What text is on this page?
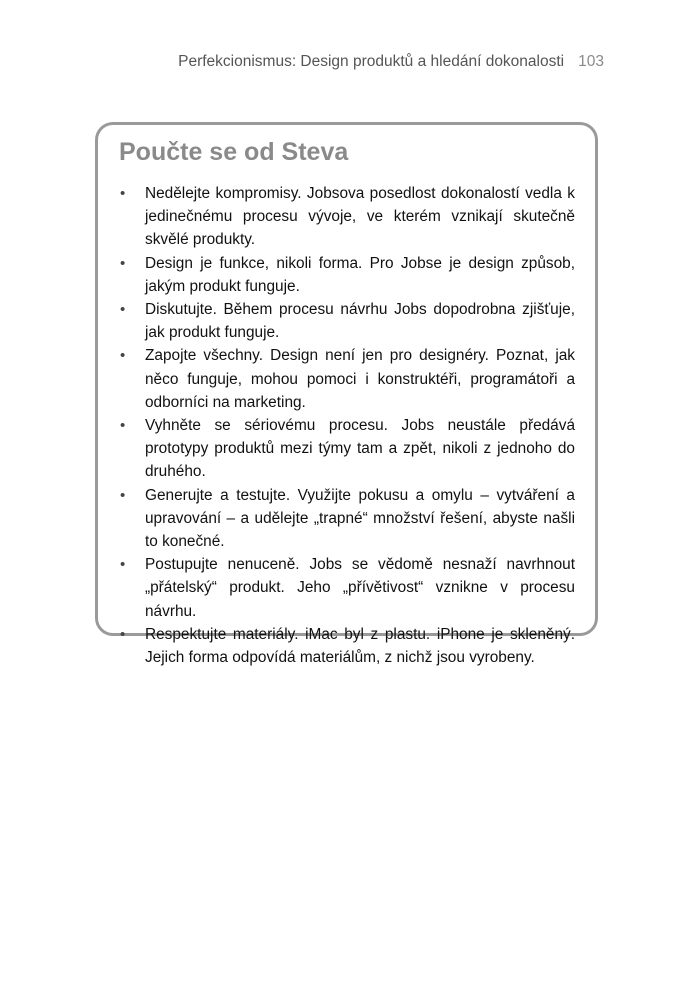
Perfekcionismus: Design produktů a hledání dokonalosti 103
Poučte se od Steva
• Nedělejte kompromisy. Jobsova posedlost dokonalostí vedla k jedinečnému procesu vývoje, ve kterém vznikají skutečně skvělé produkty.
• Design je funkce, nikoli forma. Pro Jobse je design způsob, jakým produkt funguje.
• Diskutujte. Během procesu návrhu Jobs dopodrobna zjišťuje, jak produkt funguje.
• Zapojte všechny. Design není jen pro designéry. Poznat, jak něco funguje, mohou pomoci i konstruktéři, programátoři a odborníci na marketing.
• Vyhněte se sériovému procesu. Jobs neustále předává prototypy produktů mezi týmy tam a zpět, nikoli z jednoho do druhého.
• Generujte a testujte. Využijte pokusu a omylu – vytváření a upravování – a udělejte „trapné“ množství řešení, abyste našli to konečné.
• Postupujte nenuceně. Jobs se vědomě nesnaží navrhnout „přátelský“ produkt. Jeho „přívětivost“ vznikne v procesu návrhu.
• Respektujte materiály. iMac byl z plastu. iPhone je skleněný. Jejich forma odpovídá materiálům, z nichž jsou vyrobeny.
